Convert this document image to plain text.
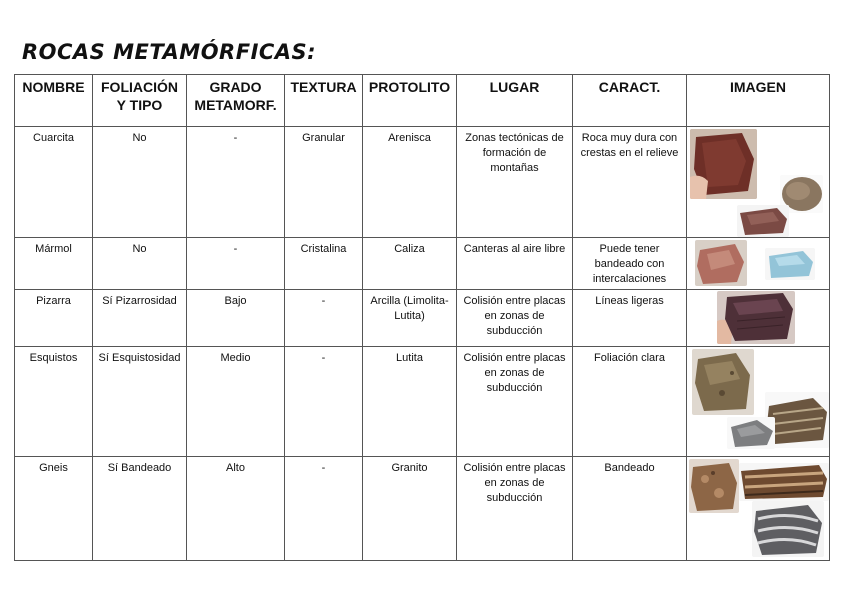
ROCAS METAMÓRFICAS:
NOMBRE	FOLIACIÓN Y TIPO	GRADO METAMORF.	TEXTURA	PROTOLITO	LUGAR	CARACT.	IMAGEN
Cuarcita	No	-	Granular	Arenisca	Zonas tectónicas de formación de montañas	Roca muy dura con crestas en el relieve	

Mármol	No	-	Cristalina	Caliza	Canteras al aire libre	Puede tener bandeado con intercalaciones	

Pizarra	Sí Pizarrosidad	Bajo	-	Arcilla (Limolita-Lutita)	Colisión entre placas en zonas de subducción	Líneas ligeras	

Esquistos	Sí Esquistosidad	Medio	-	Lutita	Colisión entre placas en zonas de subducción	Foliación clara	

Gneis	Sí Bandeado	Alto	-	Granito	Colisión entre placas en zonas de subducción	Bandeado	
